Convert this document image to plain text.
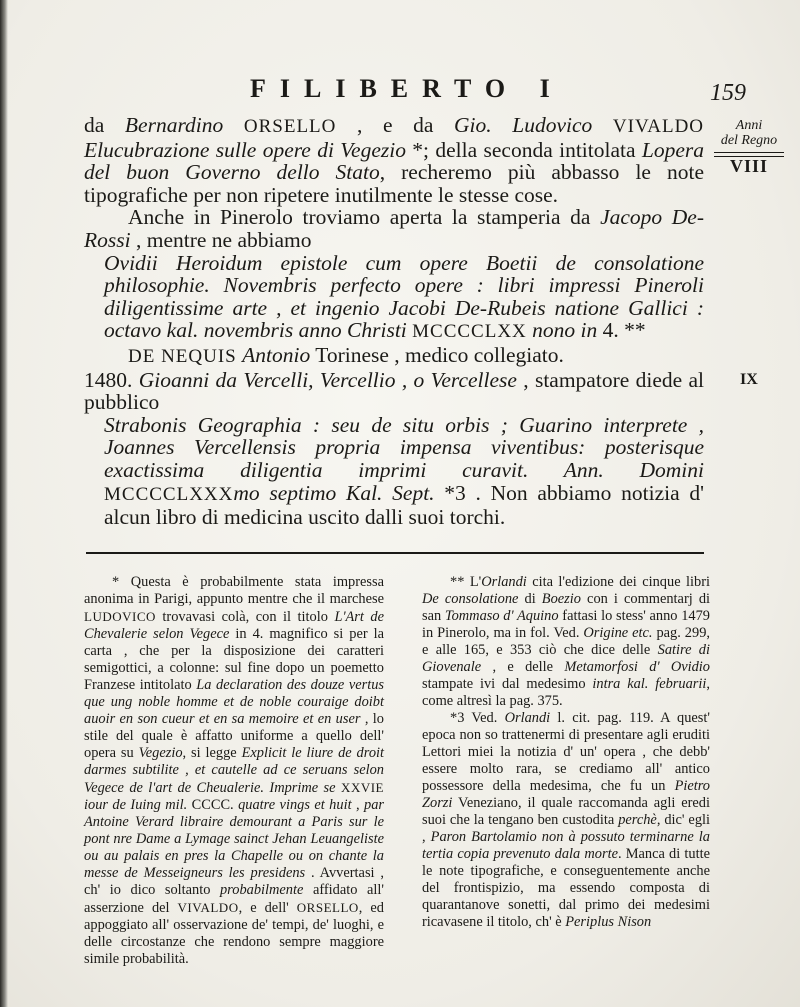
FILIBERTO I	159
Anni
del Regno
VIII
IX

da Bernardino ORSELLO , e da Gio. Ludovico VIVALDO Elucubrazione sulle opere di Vegezio *; della seconda intitolata Lopera del buon Governo dello Stato, recheremo più abbasso le note tipografiche per non ripetere inutilmente le stesse cose.

Anche in Pinerolo troviamo aperta la stamperia da Jacopo De-Rossi , mentre ne abbiamo

Ovidii Heroidum epistole cum opere Boetii de consolatione philosophie. Novembris perfecto opere : libri impressi Pineroli diligentissime arte , et ingenio Jacobi De-Rubeis natione Gallici : octavo kal. novembris anno Christi MCCCCLXX nono in 4. **

DE NEQUIS Antonio Torinese , medico collegiato.

1480. Gioanni da Vercelli, Vercellio , o Vercellese , stampatore diede al pubblico

Strabonis Geographia : seu de situ orbis ; Guarino interprete , Joannes Vercellensis propria impensa viventibus: posterisque exactissima diligentia imprimi curavit. Ann. Domini MCCCCLXXXmo septimo Kal. Sept. *3 . Non abbiamo notizia d' alcun libro di medicina uscito dalli suoi torchi.

* Questa è probabilmente stata impressa anonima in Parigi, appunto mentre che il marchese LUDOVICO trovavasi colà, con il titolo L'Art de Chevalerie selon Vegece in 4. magnifico si per la carta , che per la disposizione dei caratteri semigottici, a colonne: sul fine dopo un poemetto Franzese intitolato La declaration des douze vertus que ung noble homme et de noble couraige doibt auoir en son cueur et en sa memoire et en user , lo stile del quale è affatto uniforme a quello dell' opera su Vegezio, si legge Explicit le liure de droit darmes subtilite , et cautelle ad ce seruans selon Vegece de l'art de Cheualerie. Imprime se XXVIE iour de Iuing mil. CCCC. quatre vings et huit , par Antoine Verard libraire demourant a Paris sur le pont nre Dame a Lymage sainct Jehan Leuangeliste ou au palais en pres la Chapelle ou on chante la messe de Messeigneurs les presidens . Avvertasi , ch' io dico soltanto probabilmente affidato all' asserzione del VIVALDO, e dell' ORSELLO, ed appoggiato all' osservazione de' tempi, de' luoghi, e delle circostanze che rendono sempre maggiore simile probabilità.

** L'Orlandi cita l'edizione dei cinque libri De consolatione di Boezio con i commentarj di san Tommaso d' Aquino fattasi lo stess' anno 1479 in Pinerolo, ma in fol. Ved. Origine etc. pag. 299, e alle 165, e 353 ciò che dice delle Satire di Giovenale , e delle Metamorfosi d' Ovidio stampate ivi dal medesimo intra kal. februarii, come altresì la pag. 375.

*3 Ved. Orlandi l. cit. pag. 119. A quest' epoca non so trattenermi di presentare agli eruditi Lettori miei la notizia d' un' opera , che debb' essere molto rara, se crediamo all' antico possessore della medesima, che fu un Pietro Zorzi Veneziano, il quale raccomanda agli eredi suoi che la tengano ben custodita perchè, dic' egli , Paron Bartolamio non à possuto terminarne la tertia copia prevenuto dala morte. Manca di tutte le note tipografiche, e conseguentemente anche del frontispizio, ma essendo composta di quarantanove sonetti, dal primo dei medesimi ricavasene il titolo, ch' è Periplus Nison
